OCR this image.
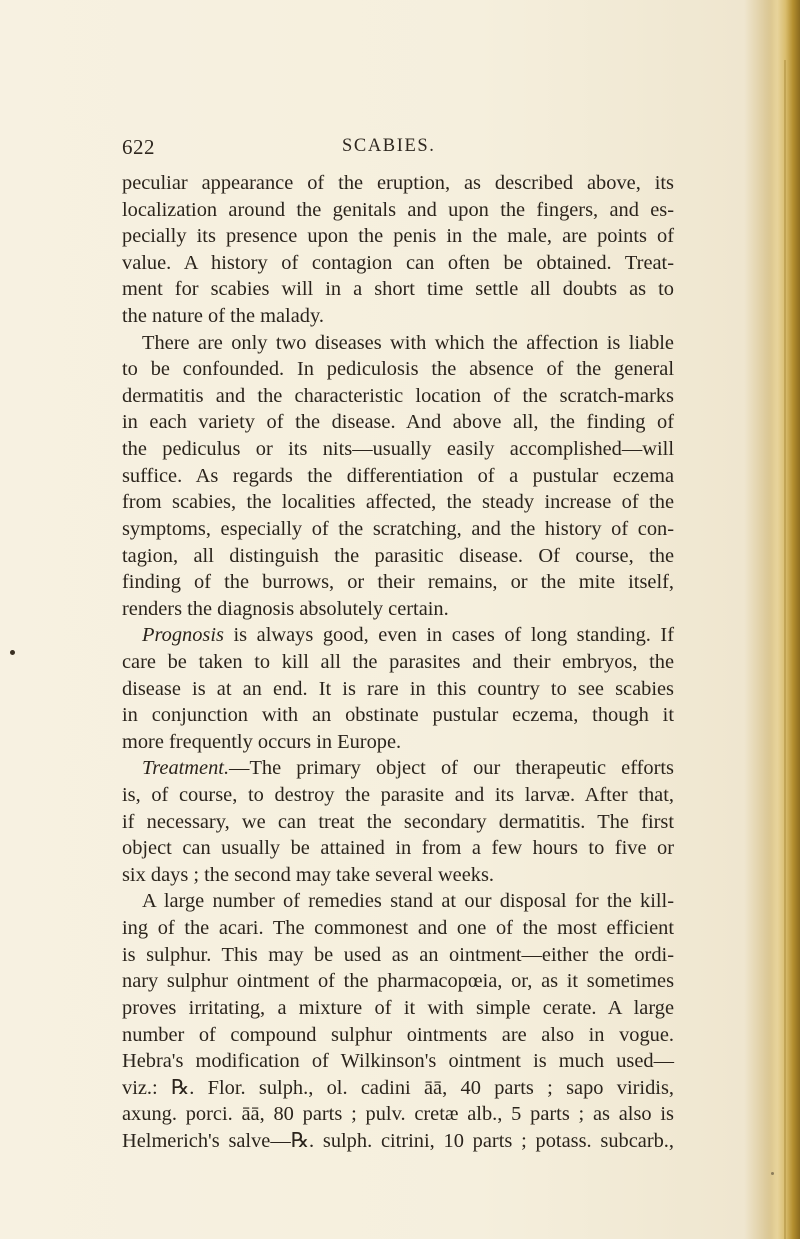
622	SCABIES.
peculiar appearance of the eruption, as described above, its
localization around the genitals and upon the fingers, and es-
pecially its presence upon the penis in the male, are points of
value. A history of contagion can often be obtained. Treat-
ment for scabies will in a short time settle all doubts as to
the nature of the malady.
There are only two diseases with which the affection is liable
to be confounded. In pediculosis the absence of the general
dermatitis and the characteristic location of the scratch-marks
in each variety of the disease. And above all, the finding of
the pediculus or its nits—usually easily accomplished—will
suffice. As regards the differentiation of a pustular eczema
from scabies, the localities affected, the steady increase of the
symptoms, especially of the scratching, and the history of con-
tagion, all distinguish the parasitic disease. Of course, the
finding of the burrows, or their remains, or the mite itself,
renders the diagnosis absolutely certain.
Prognosis is always good, even in cases of long standing. If
care be taken to kill all the parasites and their embryos, the
disease is at an end. It is rare in this country to see scabies
in conjunction with an obstinate pustular eczema, though it
more frequently occurs in Europe.
Treatment.—The primary object of our therapeutic efforts
is, of course, to destroy the parasite and its larvæ. After that,
if necessary, we can treat the secondary dermatitis. The first
object can usually be attained in from a few hours to five or
six days ; the second may take several weeks.
A large number of remedies stand at our disposal for the kill-
ing of the acari. The commonest and one of the most efficient
is sulphur. This may be used as an ointment—either the ordi-
nary sulphur ointment of the pharmacopœia, or, as it sometimes
proves irritating, a mixture of it with simple cerate. A large
number of compound sulphur ointments are also in vogue.
Hebra's modification of Wilkinson's ointment is much used—
viz.: ℞. Flor. sulph., ol. cadini āā, 40 parts ; sapo viridis,
axung. porci. āā, 80 parts ; pulv. cretæ alb., 5 parts ; as also is
Helmerich's salve—℞. sulph. citrini, 10 parts ; potass. subcarb.,
